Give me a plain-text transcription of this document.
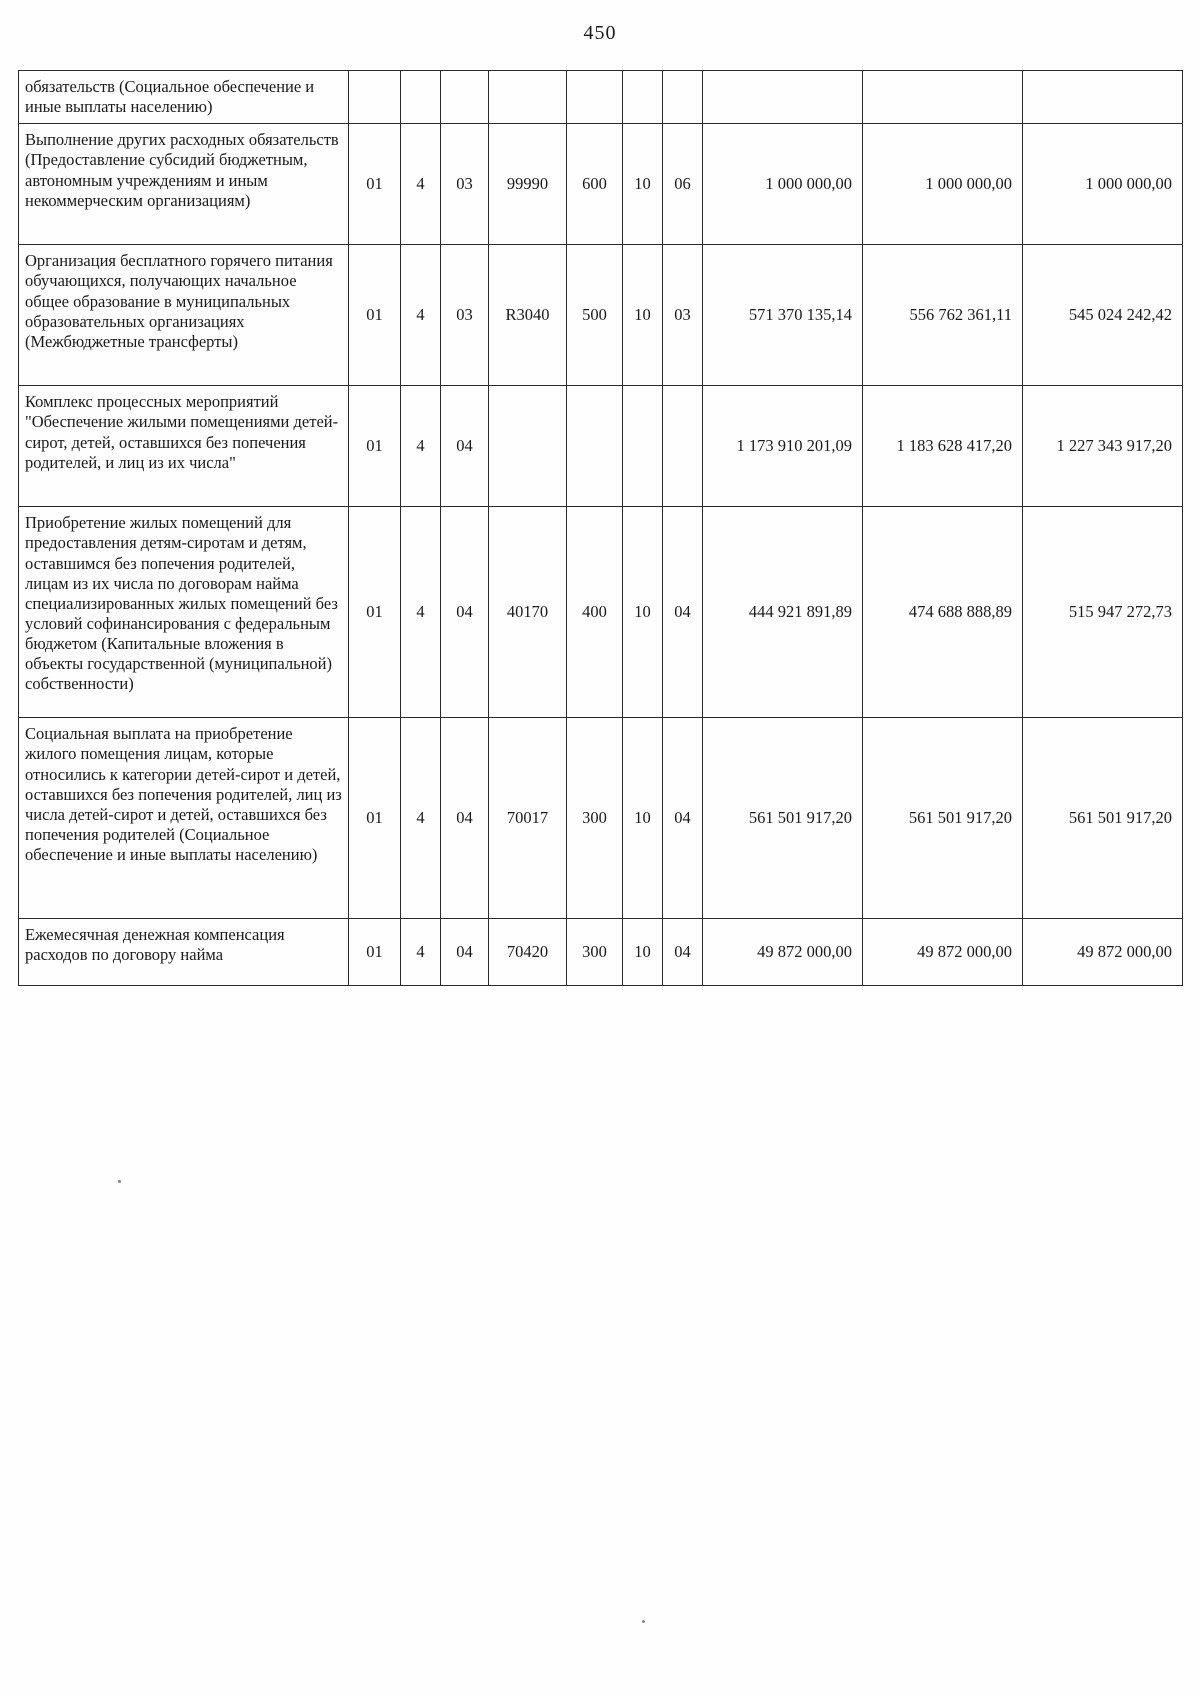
450
обязательств (Социальное обеспечение и иные выплаты населению)										
Выполнение других расходных обязательств (Предоставление субсидий бюджетным, автономным учреждениям и иным некоммерческим организациям)	01	4	03	99990	600	10	06	1 000 000,00	1 000 000,00	1 000 000,00
Организация бесплатного горячего питания обучающихся, получающих начальное общее образование в муниципальных образовательных организациях (Межбюджетные трансферты)	01	4	03	R3040	500	10	03	571 370 135,14	556 762 361,11	545 024 242,42
Комплекс процессных мероприятий "Обеспечение жилыми помещениями детей-сирот, детей, оставшихся без попечения родителей, и лиц из их числа"	01	4	04					1 173 910 201,09	1 183 628 417,20	1 227 343 917,20
Приобретение жилых помещений для предоставления детям-сиротам и детям, оставшимся без попечения родителей, лицам из их числа по договорам найма специализированных жилых помещений без условий софинансирования с федеральным бюджетом (Капитальные вложения в объекты государственной (муниципальной) собственности)	01	4	04	40170	400	10	04	444 921 891,89	474 688 888,89	515 947 272,73
Социальная выплата на приобретение жилого помещения лицам, которые относились к категории детей-сирот и детей, оставшихся без попечения родителей, лиц из числа детей-сирот и детей, оставшихся без попечения родителей (Социальное обеспечение и иные выплаты населению)	01	4	04	70017	300	10	04	561 501 917,20	561 501 917,20	561 501 917,20
Ежемесячная денежная компенсация расходов по договору найма	01	4	04	70420	300	10	04	49 872 000,00	49 872 000,00	49 872 000,00
